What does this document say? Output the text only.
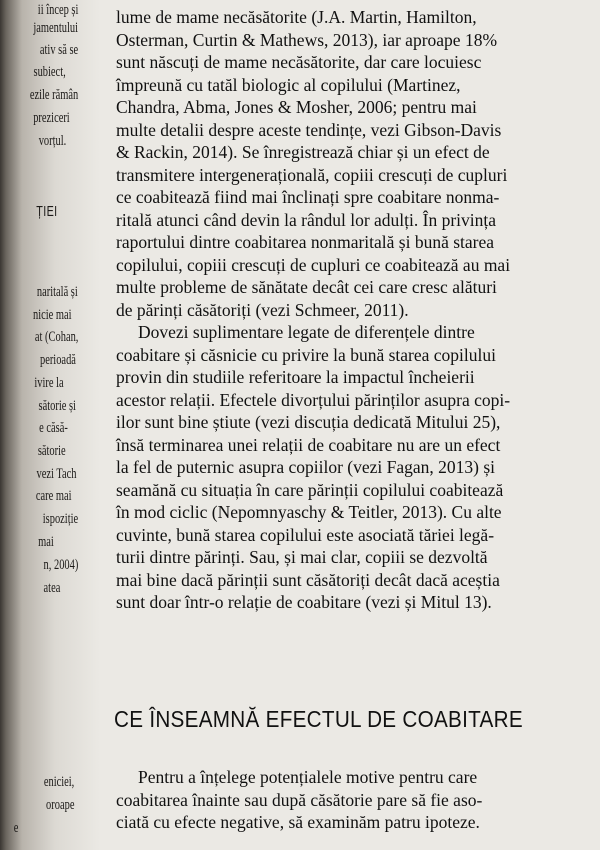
ii încep și
jamentului
ativ să se
subiect,
ezile rămân
preziceri
vorțul.
ȚIEI
naritală și
nicie mai
at (Cohan,
perioadă
ivire la
sătorie și
e căsă-
sătorie
vezi Tach
care mai
ispoziție
mai
n, 2004)
atea
eniciei,
oroape
e
lume de mame necăsătorite (J.A. Martin, Hamilton,
Osterman, Curtin & Mathews, 2013), iar aproape 18%
sunt născuți de mame necăsătorite, dar care locuiesc
împreună cu tatăl biologic al copilului (Martinez,
Chandra, Abma, Jones & Mosher, 2006; pentru mai
multe detalii despre aceste tendințe, vezi Gibson-Davis
& Rackin, 2014). Se înregistrează chiar și un efect de
transmitere intergenerațională, copiii crescuți de cupluri
ce coabitează fiind mai înclinați spre coabitare nonma-
ritală atunci când devin la rândul lor adulți. În privința
raportului dintre coabitarea nonmaritală și bună starea
copilului, copiii crescuți de cupluri ce coabitează au mai
multe probleme de sănătate decât cei care cresc alături
de părinți căsătoriți (vezi Schmeer, 2011).
Dovezi suplimentare legate de diferențele dintre
coabitare și căsnicie cu privire la bună starea copilului
provin din studiile referitoare la impactul încheierii
acestor relații. Efectele divorțului părinților asupra copi-
ilor sunt bine știute (vezi discuția dedicată Mitului 25),
însă terminarea unei relații de coabitare nu are un efect
la fel de puternic asupra copiilor (vezi Fagan, 2013) și
seamănă cu situația în care părinții copilului coabitează
în mod ciclic (Nepomnyaschy & Teitler, 2013). Cu alte
cuvinte, bună starea copilului este asociată tăriei legă-
turii dintre părinți. Sau, și mai clar, copiii se dezvoltă
mai bine dacă părinții sunt căsătoriți decât dacă aceștia
sunt doar într-o relație de coabitare (vezi și Mitul 13).
CE ÎNSEAMNĂ EFECTUL DE COABITARE
Pentru a înțelege potențialele motive pentru care
coabitarea înainte sau după căsătorie pare să fie aso-
ciată cu efecte negative, să examinăm patru ipoteze.
